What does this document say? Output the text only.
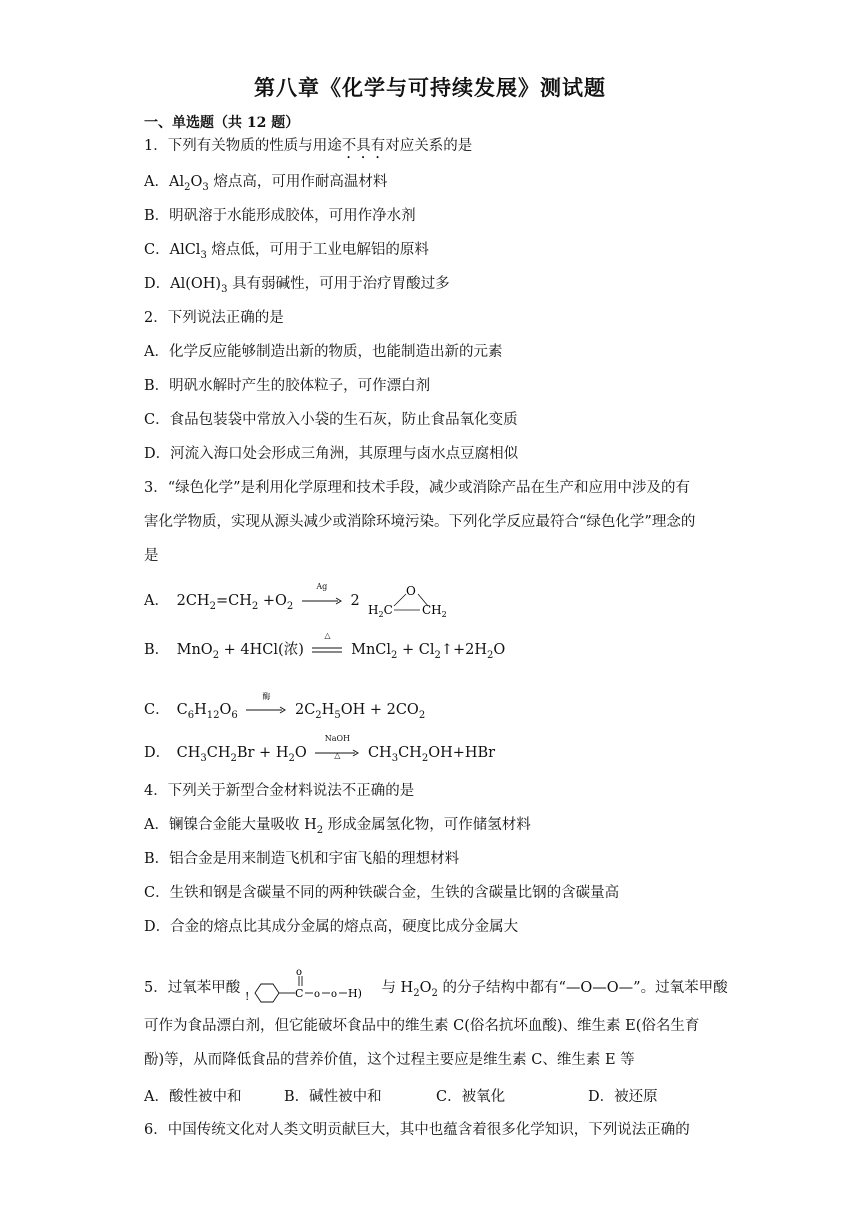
第八章《化学与可持续发展》测试题
一、单选题（共 12 题）
1．下列有关物质的性质与用途不具有对应关系的是
A．$Al_2O_3$ 熔点高，可用作耐高温材料
B．明矾溶于水能形成胶体，可用作净水剂
C．AlCl$_3$ 熔点低，可用于工业电解铝的原料
D．$Al(OH)_3$ 具有弱碱性，可用于治疗胃酸过多
2．下列说法正确的是
A．化学反应能够制造出新的物质，也能制造出新的元素
B．明矾水解时产生的胶体粒子，可作漂白剂
C．食品包装袋中常放入小袋的生石灰，防止食品氧化变质
D．河流入海口处会形成三角洲，其原理与卤水点豆腐相似
3．“绿色化学”是利用化学原理和技术手段，减少或消除产品在生产和应用中涉及的有
害化学物质，实现从源头减少或消除环境污染。下列化学反应最符合“绿色化学”理念的
是
A． $2CH_2=CH_2 +O_2$
Ag
2
O
$H_2C$ $CH_2$
B． MnO$_2$ + 4HCl(浓)
△
MnCl$_2$ + $Cl_2↑+2H_2O$
C． $C_6H_{12}O_6$
酶
$2C_2H_5OH + 2CO_2$
D． $CH_3CH_2Br + H_2O$
NaOH
△	$CH_3CH_2OH+HBr$
4．下列关于新型合金材料说法不正确的是
A．镧镍合金能大量吸收 $H_2$ 形成金属氢化物，可作储氢材料
B．铝合金是用来制造飞机和宇宙飞船的理想材料
C．生铁和钢是含碳量不同的两种铁碳合金，生铁的含碳量比钢的含碳量高
D．合金的熔点比其成分金属的熔点高，硬度比成分金属大
5．过氧苯甲酸
!	C
o
o o H) 与 $H_2O_2$ 的分子结构中都有“—O—O—”。过氧苯甲酸
可作为食品漂白剂，但它能破坏食品中的维生素 C(俗名抗坏血酸)、维生素 E(俗名生育
酚)等，从而降低食品的营养价值，这个过程主要应是维生素 C、维生素 E 等
A．酸性被中和	B．碱性被中和	C．被氧化	D．被还原
6．中国传统文化对人类文明贡献巨大，其中也蕴含着很多化学知识，下列说法正确的
